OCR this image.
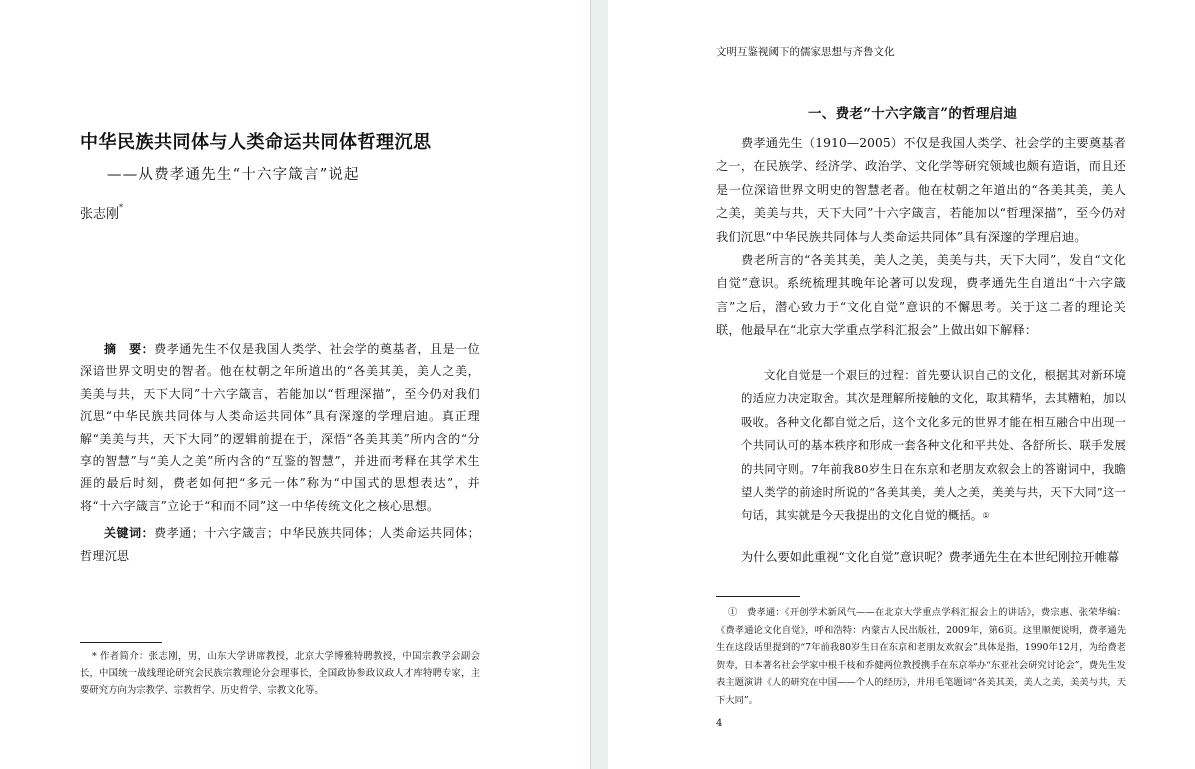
中华民族共同体与人类命运共同体哲理沉思
——从费孝通先生“十六字箴言”说起
张志刚*
摘　要：费孝通先生不仅是我国人类学、社会学的奠基者，且是一位深谙世界文明史的智者。他在杖朝之年所道出的“各美其美，美人之美，美美与共，天下大同”十六字箴言，若能加以“哲理深描”，至今仍对我们沉思“中华民族共同体与人类命运共同体”具有深邃的学理启迪。真正理解“美美与共，天下大同”的逻辑前提在于，深悟“各美其美”所内含的“分享的智慧”与“美人之美”所内含的“互鉴的智慧”，并进而考释在其学术生涯的最后时刻，费老如何把“多元一体”称为“中国式的思想表达”，并将“十六字箴言”立论于“和而不同”这一中华传统文化之核心思想。
关键词：费孝通；十六字箴言；中华民族共同体；人类命运共同体；哲理沉思
* 作者简介：张志刚，男，山东大学讲席教授，北京大学博雅特聘教授，中国宗教学会副会长，中国统一战线理论研究会民族宗教理论分会理事长，全国政协参政议政人才库特聘专家，主要研究方向为宗教学、宗教哲学、历史哲学、宗教文化等。
文明互鉴视阈下的儒家思想与齐鲁文化
一、费老“十六字箴言”的哲理启迪

费孝通先生（1910—2005）不仅是我国人类学、社会学的主要奠基者之一，在民族学、经济学、政治学、文化学等研究领域也颇有造诣，而且还是一位深谙世界文明史的智慧老者。他在杖朝之年道出的“各美其美，美人之美，美美与共，天下大同”十六字箴言，若能加以“哲理深描”，至今仍对我们沉思“中华民族共同体与人类命运共同体”具有深邃的学理启迪。

费老所言的“各美其美，美人之美，美美与共，天下大同”，发自“文化自觉”意识。系统梳理其晚年论著可以发现，费孝通先生自道出“十六字箴言”之后，潜心致力于“文化自觉”意识的不懈思考。关于这二者的理论关联，他最早在“北京大学重点学科汇报会”上做出如下解释：

文化自觉是一个艰巨的过程：首先要认识自己的文化，根据其对新环境的适应力决定取舍。其次是理解所接触的文化，取其精华，去其糟粕，加以吸收。各种文化都自觉之后，这个文化多元的世界才能在相互融合中出现一个共同认可的基本秩序和形成一套各种文化和平共处、各舒所长、联手发展的共同守则。7年前我80岁生日在东京和老朋友欢叙会上的答谢词中，我瞻望人类学的前途时所说的“各美其美，美人之美，美美与共，天下大同”这一句话，其实就是今天我提出的文化自觉的概括。①
为什么要如此重视“文化自觉”意识呢？费孝通先生在本世纪刚拉开帷幕
①　费孝通：《开创学术新风气——在北京大学重点学科汇报会上的讲话》，费宗惠、张荣华编：《费孝通论文化自觉》，呼和浩特：内蒙古人民出版社，2009年，第6页。这里顺便说明，费孝通先生在这段话里提到的“7年前我80岁生日在东京和老朋友欢叙会”具体是指，1990年12月，为给费老贺寿，日本著名社会学家中根千枝和乔健两位教授携手在东京举办“东亚社会研究讨论会”，费先生发表主题演讲《人的研究在中国——个人的经历》，并用毛笔题词“各美其美，美人之美，美美与共，天下大同”。
4
